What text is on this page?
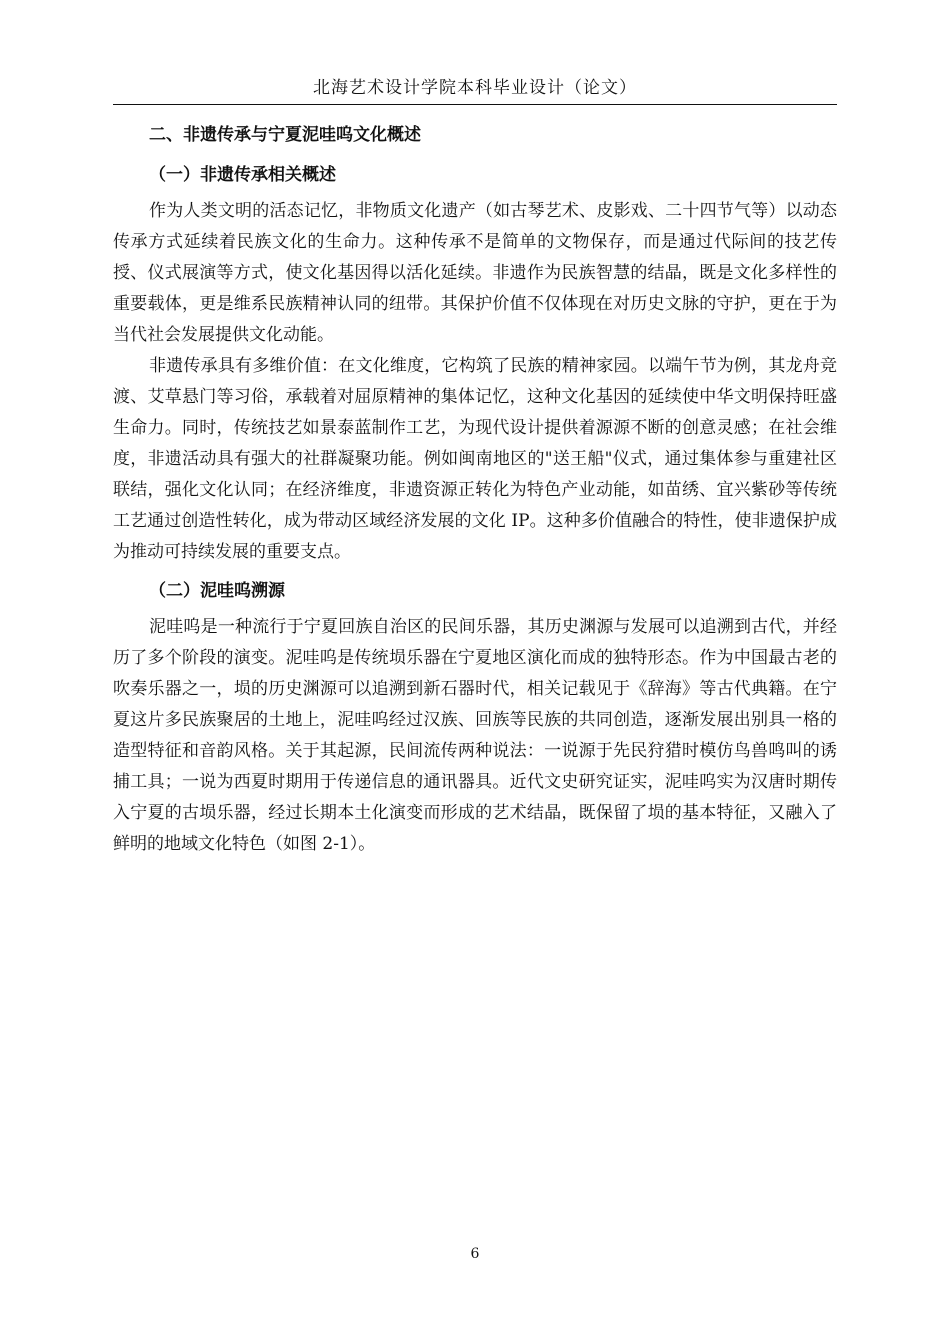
北海艺术设计学院本科毕业设计（论文）
二、非遗传承与宁夏泥哇呜文化概述
（一）非遗传承相关概述

作为人类文明的活态记忆，非物质文化遗产（如古琴艺术、皮影戏、二十四节气等）以动态传承方式延续着民族文化的生命力。这种传承不是简单的文物保存，而是通过代际间的技艺传授、仪式展演等方式，使文化基因得以活化延续。非遗作为民族智慧的结晶，既是文化多样性的重要载体，更是维系民族精神认同的纽带。其保护价值不仅体现在对历史文脉的守护，更在于为当代社会发展提供文化动能。

非遗传承具有多维价值：在文化维度，它构筑了民族的精神家园。以端午节为例，其龙舟竞渡、艾草悬门等习俗，承载着对屈原精神的集体记忆，这种文化基因的延续使中华文明保持旺盛生命力。同时，传统技艺如景泰蓝制作工艺，为现代设计提供着源源不断的创意灵感；在社会维度，非遗活动具有强大的社群凝聚功能。例如闽南地区的"送王船"仪式，通过集体参与重建社区联结，强化文化认同；在经济维度，非遗资源正转化为特色产业动能，如苗绣、宜兴紫砂等传统工艺通过创造性转化，成为带动区域经济发展的文化 IP。这种多价值融合的特性，使非遗保护成为推动可持续发展的重要支点。

（二）泥哇呜溯源

泥哇呜是一种流行于宁夏回族自治区的民间乐器，其历史渊源与发展可以追溯到古代，并经历了多个阶段的演变。泥哇呜是传统埙乐器在宁夏地区演化而成的独特形态。作为中国最古老的吹奏乐器之一，埙的历史渊源可以追溯到新石器时代，相关记载见于《辞海》等古代典籍。在宁夏这片多民族聚居的土地上，泥哇呜经过汉族、回族等民族的共同创造，逐渐发展出别具一格的造型特征和音韵风格。关于其起源，民间流传两种说法：一说源于先民狩猎时模仿鸟兽鸣叫的诱捕工具；一说为西夏时期用于传递信息的通讯器具。近代文史研究证实，泥哇呜实为汉唐时期传入宁夏的古埙乐器，经过长期本土化演变而形成的艺术结晶，既保留了埙的基本特征，又融入了鲜明的地域文化特色（如图 2-1）。

6
